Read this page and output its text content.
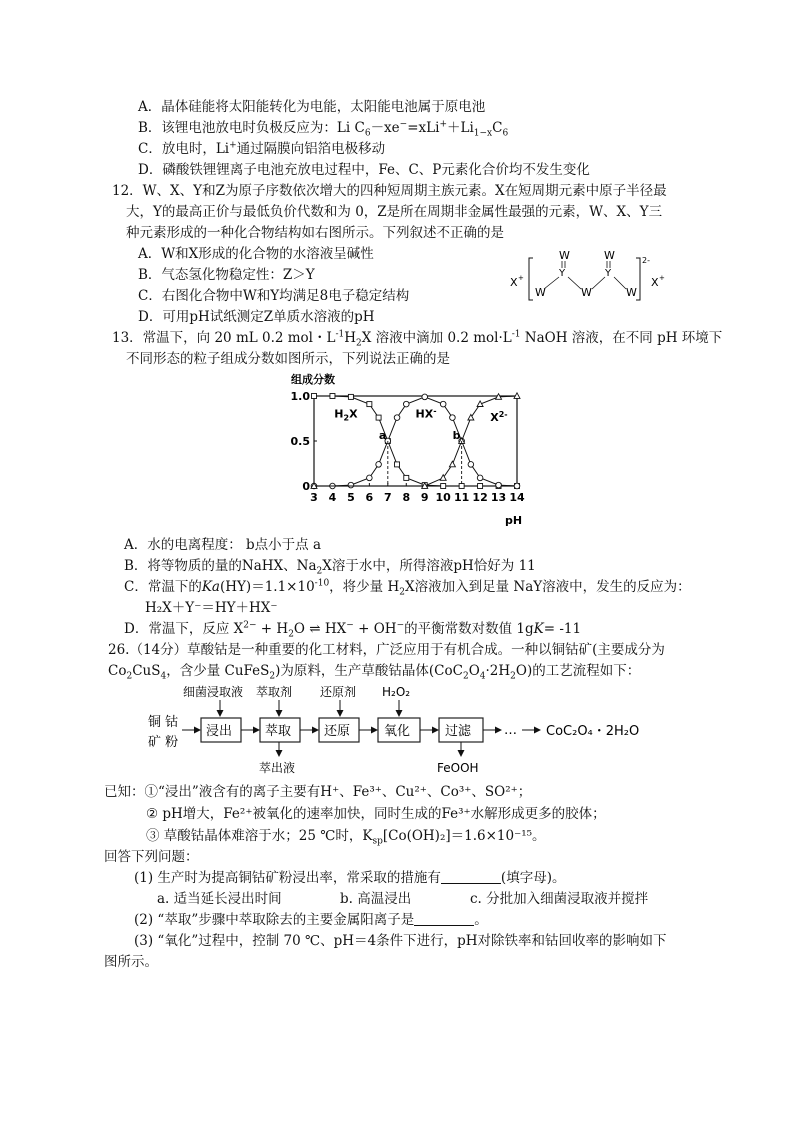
A．晶体硅能将太阳能转化为电能，太阳能电池属于原电池
B．该锂电池放电时负极反应为：Li $C_6-xe^-=xLi^++Li_{1-x}C_6$
C．放电时，Li+通过隔膜向铝箔电极移动
D．磷酸铁锂锂离子电池充放电过程中，Fe、C、P元素化合价均不发生变化
12．W、X、Y和Z为原子序数依次增大的四种短周期主族元素。X在短周期元素中原子半径最
大，Y的最高正价与最低负价代数和为 0，Z是所在周期非金属性最强的元素，W、X、Y三
种元素形成的一种化合物结构如右图所示。下列叙述不正确的是
A．W和X形成的化合物的水溶液呈碱性
B．气态氢化物稳定性：Z＞Y
C．右图化合物中W和Y均满足8电子稳定结构
D．可用pH试纸测定Z单质水溶液的pH
X +
W
Y
W
W
Y
W
W
2-
X +
13．常温下，向 20 mL 0.2 mol・$L^{-1}H_2X$ 溶液中滴加 0.2 $mol\cdot L^{-1}$ NaOH 溶液，在不同 pH 环境下
不同形态的粒子组成分数如图所示，下列说法正确的是
组成分数
3 4 5 6 7 8 9 10 11 12 13 14
0
0.5
1.0
a	b
H2X	HX-
X2-
pH
A．水的电离程度： b点小于点 a
B．将等物质的量的NaHX、$Na_2X$溶于水中，所得溶液pH恰好为 11
C．常温下的$Ka(HY)=1.1\times 10^{-10}$，将少量 $H_2X$溶液加入到足量 NaY溶液中，发生的反应为：
H₂X＋Y⁻＝HY＋HX⁻
D．常温下，反应 $X^{2-} + H_2O$ ⇌ HX− + OH−的平衡常数对数值 1gK= -11
26.（14分）草酸钴是一种重要的化工材料，广泛应用于有机合成。一种以铜钴矿(主要成分为
$Co_2CuS_4$，含少量 CuFeS$_2$)为原料，生产草酸钴晶体$(CoC_2O_4\cdot 2H_2O)$的工艺流程如下：
铜 钴
矿 粉
细菌浸取液 萃取剂 还原剂 H₂O₂
浸出	萃取	还原	氧化	过滤	… CoC₂O₄・2H₂O
萃出液	FeOOH
已知：①“浸出”液含有的离子主要有H⁺、Fe³⁺、Cu²⁺、Co³⁺、SO²⁺；
② pH增大，Fe²⁺被氧化的速率加快，同时生成的Fe³⁺水解形成更多的胶体；
③ 草酸钴晶体难溶于水；25 ℃时，$K_{sp}[Co(OH)_2]=1.6\times 10^{-15}$。
回答下列问题：
(1) 生产时为提高铜钴矿粉浸出率，常采取的措施有	(填字母)。
a. 适当延长浸出时间	b. 高温浸出	c. 分批加入细菌浸取液并搅拌
(2) “萃取”步骤中萃取除去的主要金属阳离子是	。
(3) “氧化”过程中，控制 70 ℃、pH＝4条件下进行，pH对除铁率和钴回收率的影响如下
图所示。
